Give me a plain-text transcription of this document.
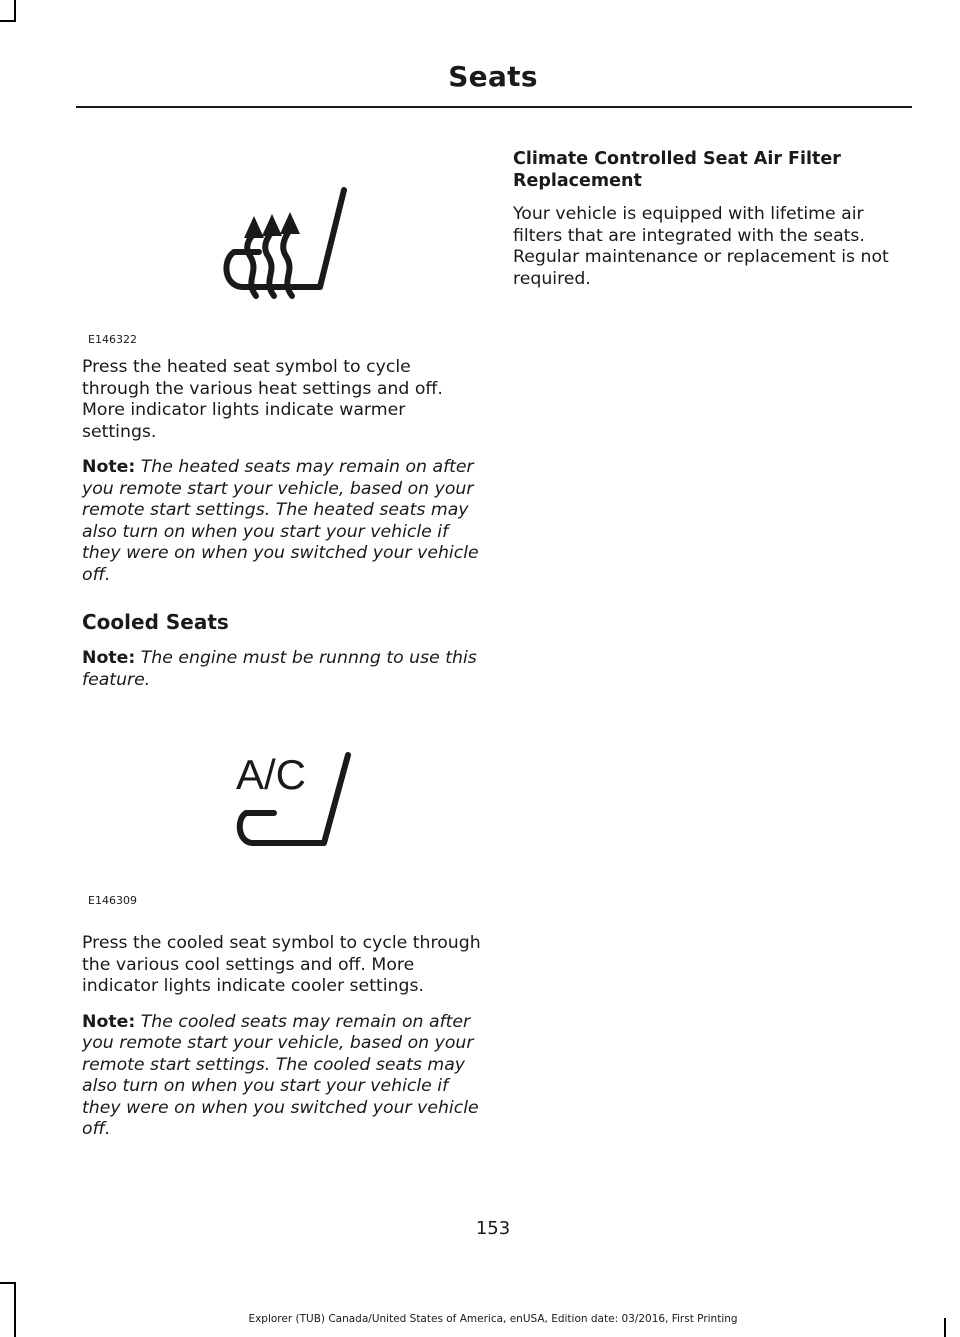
Seats
E146322

Press the heated seat symbol to cycle through the various heat settings and off. More indicator lights indicate warmer settings.

Note: The heated seats may remain on after you remote start your vehicle, based on your remote start settings. The heated seats may also turn on when you start your vehicle if they were on when you switched your vehicle off.

Cooled Seats

Note: The engine must be runnng to use this feature.

A/C
E146309

Press the cooled seat symbol to cycle through the various cool settings and off. More indicator lights indicate cooler settings.

Note: The cooled seats may remain on after you remote start your vehicle, based on your remote start settings. The cooled seats may also turn on when you start your vehicle if they were on when you switched your vehicle off.

Climate Controlled Seat Air Filter Replacement

Your vehicle is equipped with lifetime air filters that are integrated with the seats. Regular maintenance or replacement is not required.

153
Explorer (TUB) Canada/United States of America, enUSA, Edition date: 03/2016, First Printing
